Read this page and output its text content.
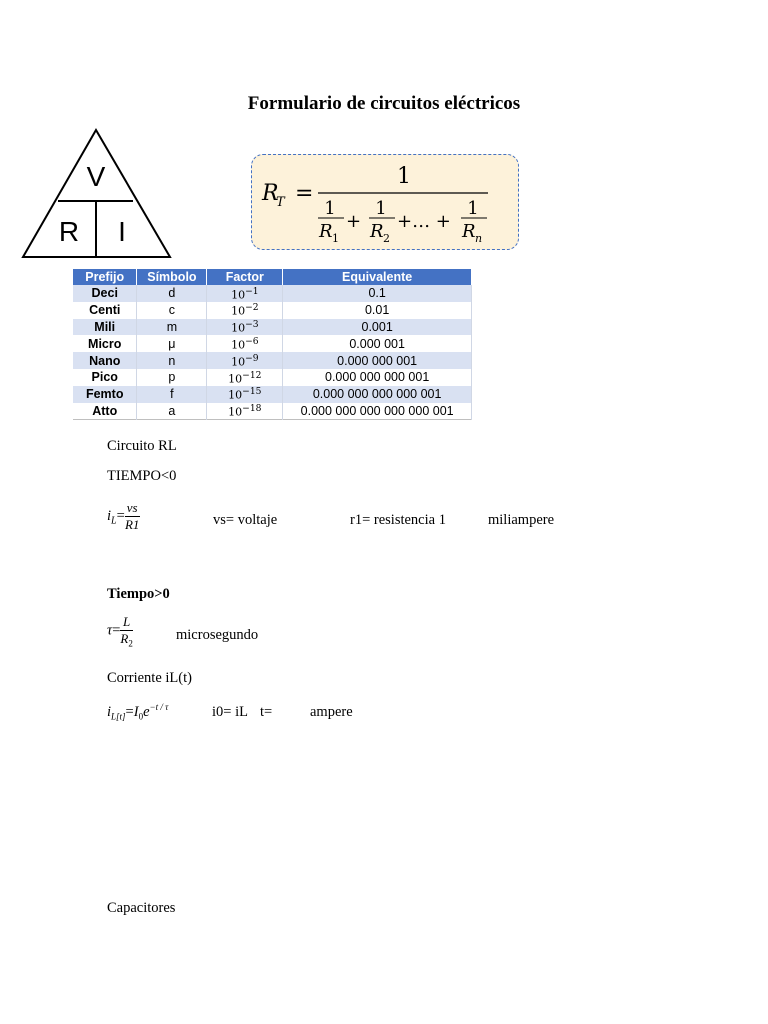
Formulario de circuitos eléctricos
V
R I
R
T =
1
1
R 1
+
1
R 2
+… +
1
R n
Prefijo	Símbolo	Factor	Equivalente
Deci	d	$10^{-1}$	0.1
Centi	c	$10^{-2}$	0.01
Mili	m	$10^{-3}$	0.001
Micro	μ	$10^{-6}$	0.000 001
Nano	n	$10^{-9}$	0.000 000 001
Pico	p	$10^{-12}$	0.000 000 000 001
Femto	f	$10^{-15}$	0.000 000 000 000 001
Atto	a	$10^{-18}$	0.000 000 000 000 000 001
Circuito RL
TIEMPO<0
$i_L= \frac{vs}{R1}$	vs= voltaje	r1= resistencia 1	miliampere
Tiempo>0
$\tau= \frac{L}{R_2}$	microsegundo
Corriente iL(t)
$i_{L[t]}=I_0e^{-t / \tau}$	i0= iL t=	ampere
Capacitores
